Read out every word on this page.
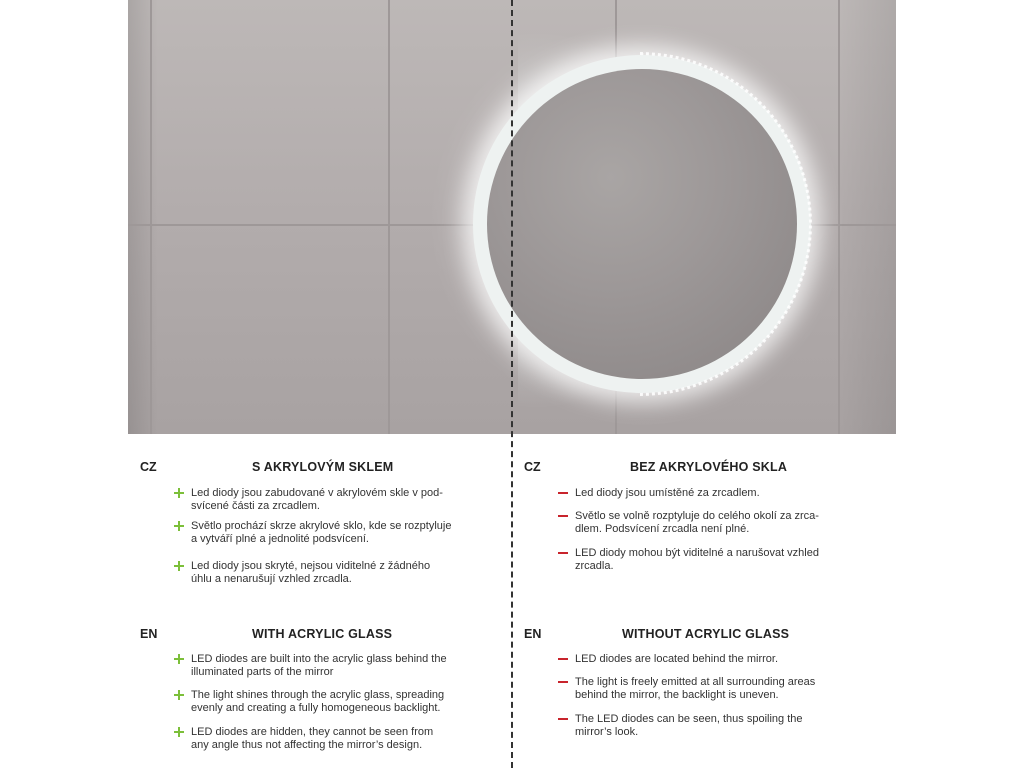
CZ	S AKRYLOVÝM SKLEM
Led diody jsou zabudované v akrylovém skle v pod-
svícené části za zrcadlem.
Světlo prochází skrze akrylové sklo, kde se rozptyluje
a vytváří plné a jednolité podsvícení.
Led diody jsou skryté, nejsou viditelné z žádného
úhlu a nenarušují vzhled zrcadla.
CZ	BEZ AKRYLOVÉHO SKLA
Led diody jsou umístěné za zrcadlem.
Světlo se volně rozptyluje do celého okolí za zrca-
dlem. Podsvícení zrcadla není plné.
LED diody mohou být viditelné a narušovat vzhled
zrcadla.
EN	WITH ACRYLIC GLASS
LED diodes are built into the acrylic glass behind the
illuminated parts of the mirror
The light shines through the acrylic glass, spreading
evenly and creating a fully homogeneous backlight.
LED diodes are hidden, they cannot be seen from
any angle thus not affecting the mirror’s design.
EN	WITHOUT ACRYLIC GLASS
LED diodes are located behind the mirror.
The light is freely emitted at all surrounding areas
behind the mirror, the backlight is uneven.
The LED diodes can be seen, thus spoiling the
mirror’s look.
